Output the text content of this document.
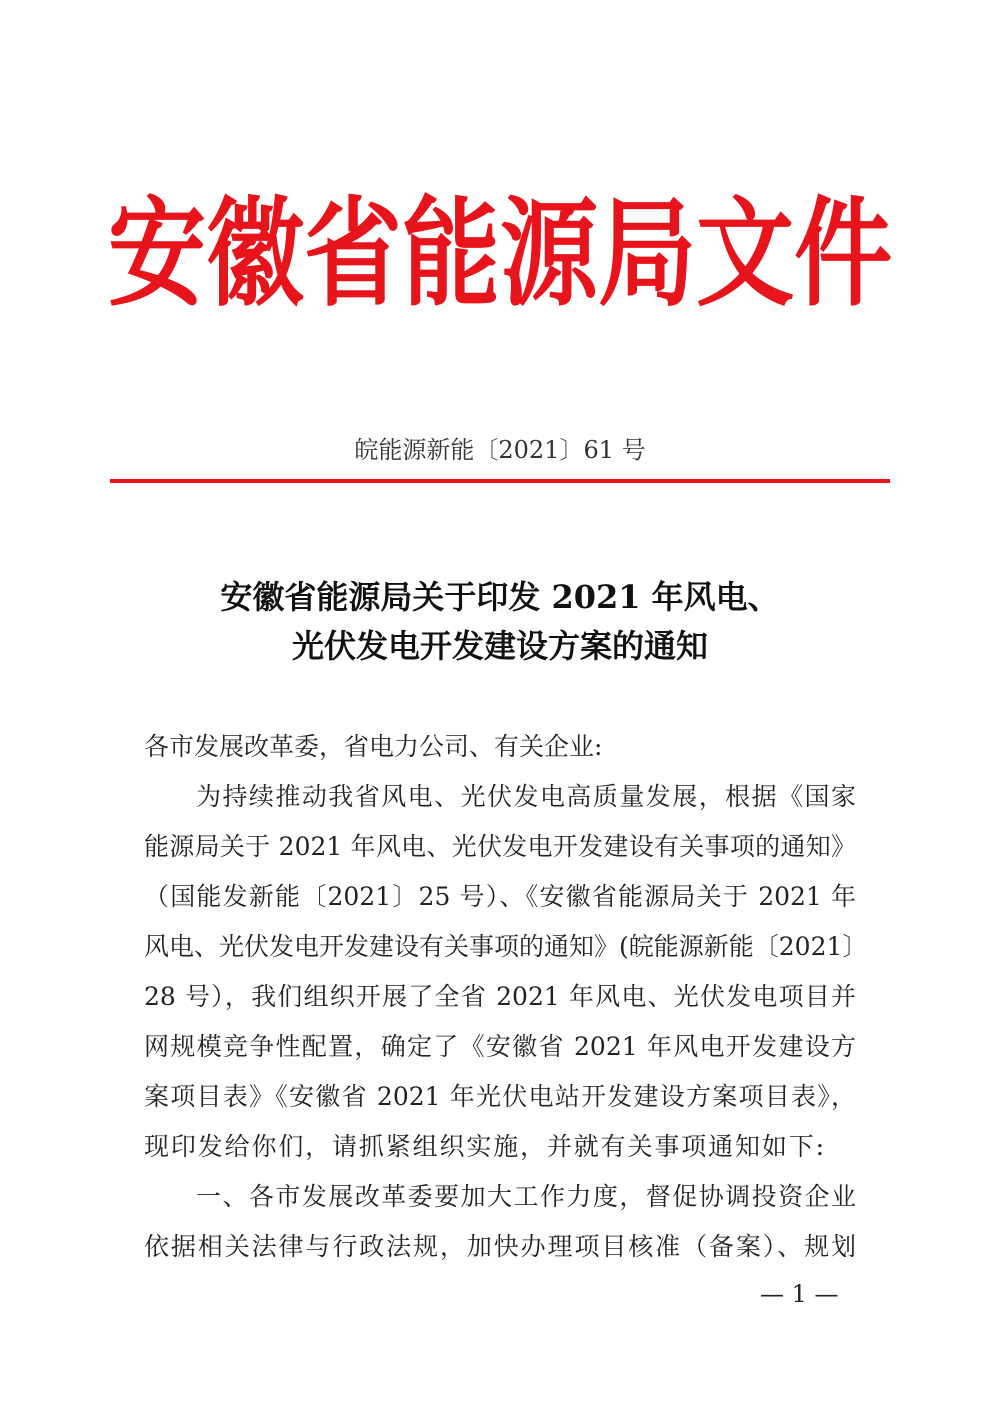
安 徽 省 能 源 局 文 件
皖能源新能〔2021〕61 号
安徽省能源局关于印发 2021 年风电、
光伏发电开发建设方案的通知
各市发展改革委，省电力公司、有关企业:
为持续推动我省风电、光伏发电高质量发展，根据《国家
能源局关于 2021 年风电、光伏发电开发建设有关事项的通知》
（国能发新能〔2021〕25 号）、《安徽省能源局关于 2021 年
风电、光伏发电开发建设有关事项的通知》(皖能源新能〔2021〕
28 号），我们组织开展了全省 2021 年风电、光伏发电项目并
网规模竞争性配置，确定了《安徽省 2021 年风电开发建设方
案项目表》《安徽省 2021 年光伏电站开发建设方案项目表》，
现印发给你们，请抓紧组织实施，并就有关事项通知如下:
一、各市发展改革委要加大工作力度，督促协调投资企业
依据相关法律与行政法规，加快办理项目核准（备案）、规划
— 1 —
